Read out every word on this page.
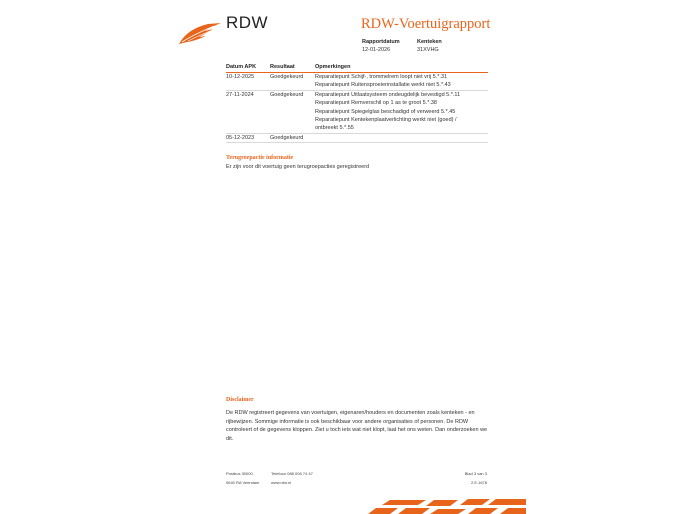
RDW	RDW-Voertuigrapport
Rapportdatum
12-01-2026
Kenteken
31XVHG
Datum APK	Resultaat	Opmerkingen
10-12-2025	Goedgekeurd	Reparatiepunt Schijf-, trommelrem loopt niet vrij 5.*.31
Reparatiepunt Ruitensproeierinstallatie werkt niet 5.*.43

27-11-2024	Goedgekeurd	Reparatiepunt Uitlaatsysteem ondeugdelijk bevestigd 5.*.11
Reparatiepunt Remverschil op 1 as te groot 5.*.38
Reparatiepunt Spiegelglas beschadigd of verweerd 5.*.45
Reparatiepunt Kentekenplaatverlichting werkt niet (goed) /
ontbreekt 5.*.55

05-12-2023	Goedgekeurd	
Terugroepactie informatie
Er zijn voor dit voertuig geen terugroepacties geregistreerd
Disclaimer
De RDW registreert gegevens van voertuigen, eigenaren/houders en documenten zoals kenteken - en rijbewijzen. Sommige informatie is ook beschikbaar voor andere organisaties of personen. De RDW controleert of de gegevens kloppen. Ziet u toch iets wat niet klopt, laat het ons weten. Dan onderzoeken we dit.
Postbus 30000
9640 RA Veendam
Telefoon 088 008 74 47
www.rdw.nl
Blad 3 van 3
2.E.1678
